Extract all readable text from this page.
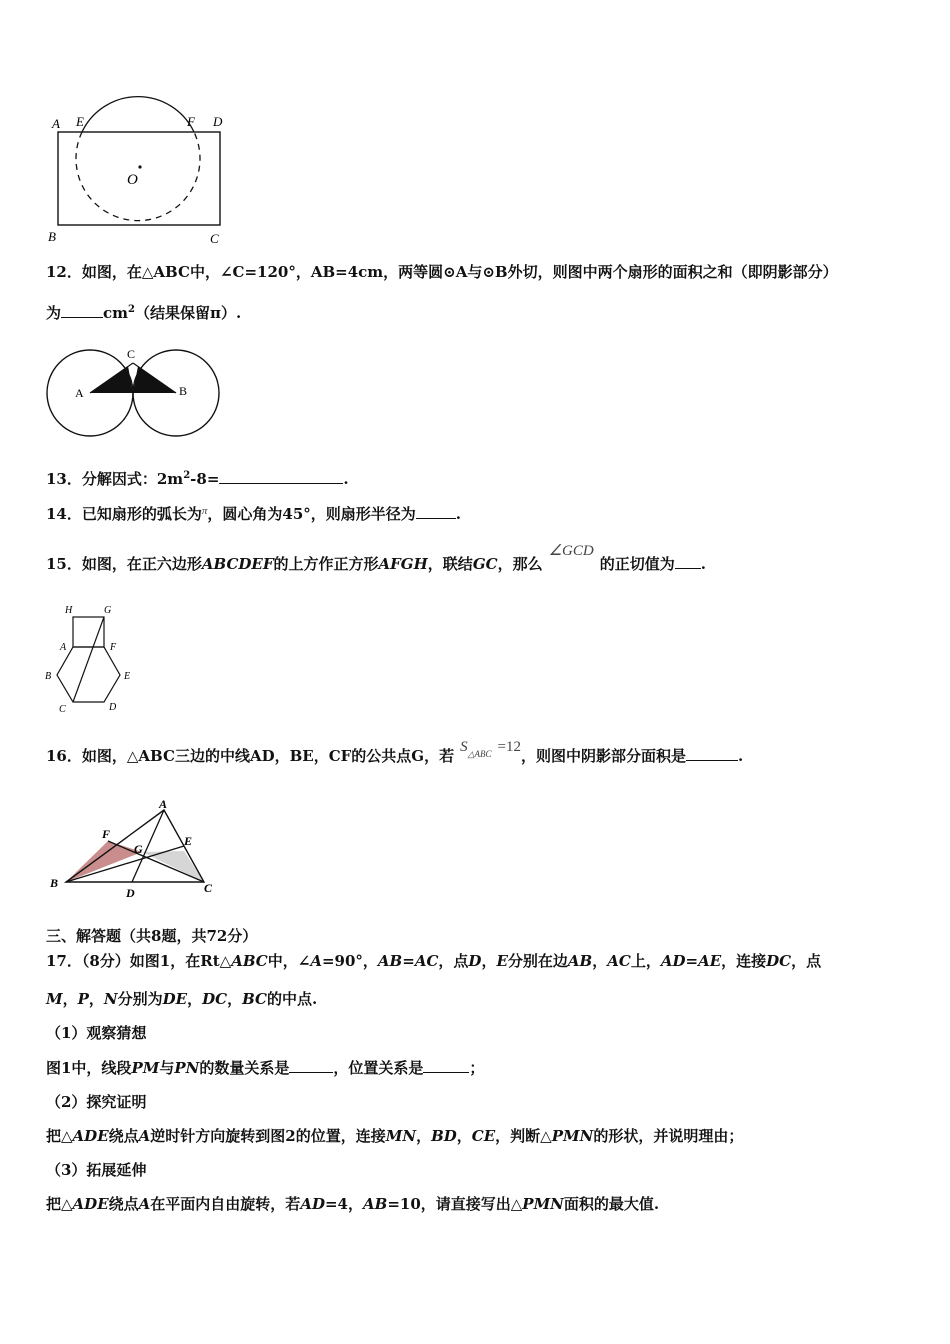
A E	F D
O
B	C
12．如图，在△ABC中，∠C=120°，AB=4cm，两等圆⊙A与⊙B外切，则图中两个扇形的面积之和（即阴影部分）
为	$cm^2$（结果保留π）.
A	B
C
13．分解因式：$2m^2-8=$	.
14．已知扇形的弧长为$^\pi$，圆心角为45°，则扇形半径为	.
15．如图，在正六边形ABCDEF的上方作正方形AFGH，联结GC，那么∠GCD的正切值为 .
H	G
A	F
B	E
C	D
16．如图，△ABC三边的中线AD，BE，CF的公共点G，若 $S_{\triangle ABC} =12$，则图中阴影部分面积是	.
A
F	E
G
B
D	C
三、解答题（共8题，共72分）
17．（8分）如图1，在Rt△ABC中，∠A=90°，AB=AC，点D，E分别在边AB，AC上，AD=AE，连接DC，点
M，P，N分别为DE，DC，BC的中点.
（1）观察猜想
图1中，线段PM与PN的数量关系是	，位置关系是	；
（2）探究证明
把△ADE绕点A逆时针方向旋转到图2的位置，连接MN，BD，CE，判断△PMN的形状，并说明理由；
（3）拓展延伸
把△ADE绕点A在平面内自由旋转，若AD=4，AB=10，请直接写出△PMN面积的最大值.
